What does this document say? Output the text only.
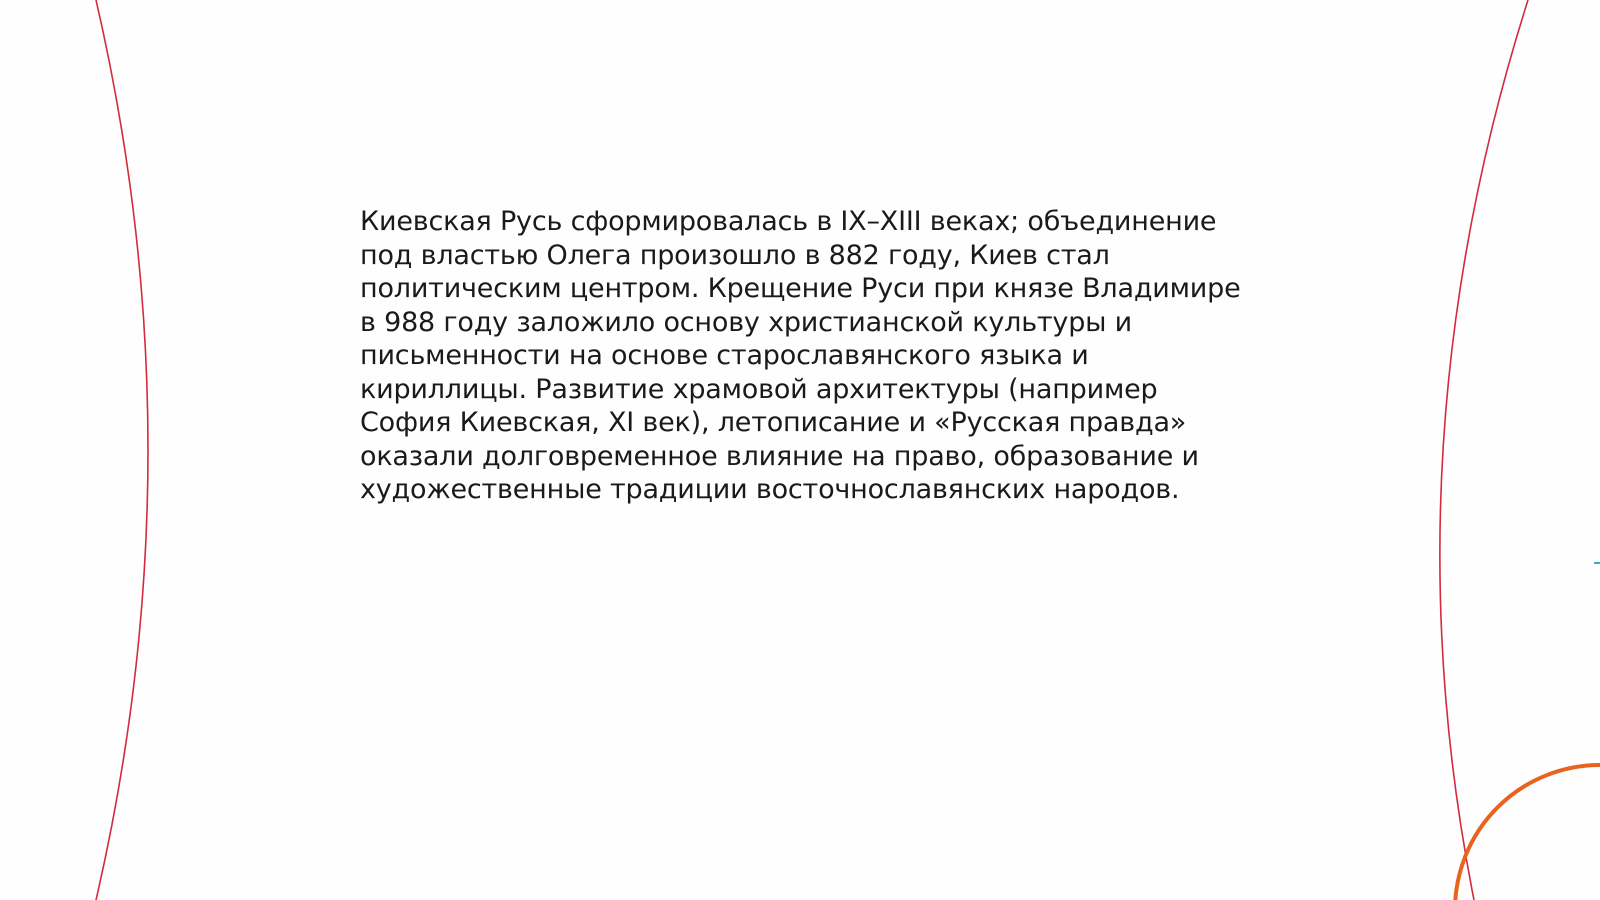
Киевская Русь сформировалась в IX–XIII веках; объединение под властью Олега произошло в 882 году, Киев стал политическим центром. Крещение Руси при князе Владимире в 988 году заложило основу христианской культуры и письменности на основе старославянского языка и кириллицы. Развитие храмовой архитектуры (например София Киевская, XI век), летописание и «Русская правда» оказали долговременное влияние на право, образование и художественные традиции восточнославянских народов.
